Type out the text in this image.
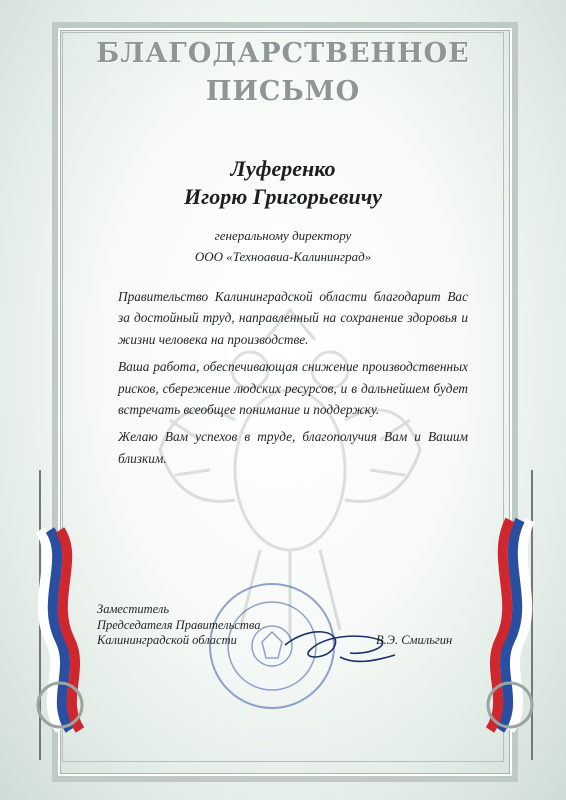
БЛАГОДАРСТВЕННОЕ
ПИСЬМО
Луференко
Игорю Григорьевичу
генеральному директору
ООО «Техноавиа-Калининград»

Правительство Калининградской области благодарит Вас за достойный труд, направленный на сохранение здоровья и жизни человека на производстве.

Ваша работа, обеспечивающая снижение производственных рисков, сбережение людских ресурсов, и в дальнейшем будет встречать всеобщее понимание и поддержку.

Желаю Вам успехов в труде, благополучия Вам и Вашим близким.

Заместитель
Председателя Правительства
Калининградской области	В.Э. Смильгин
